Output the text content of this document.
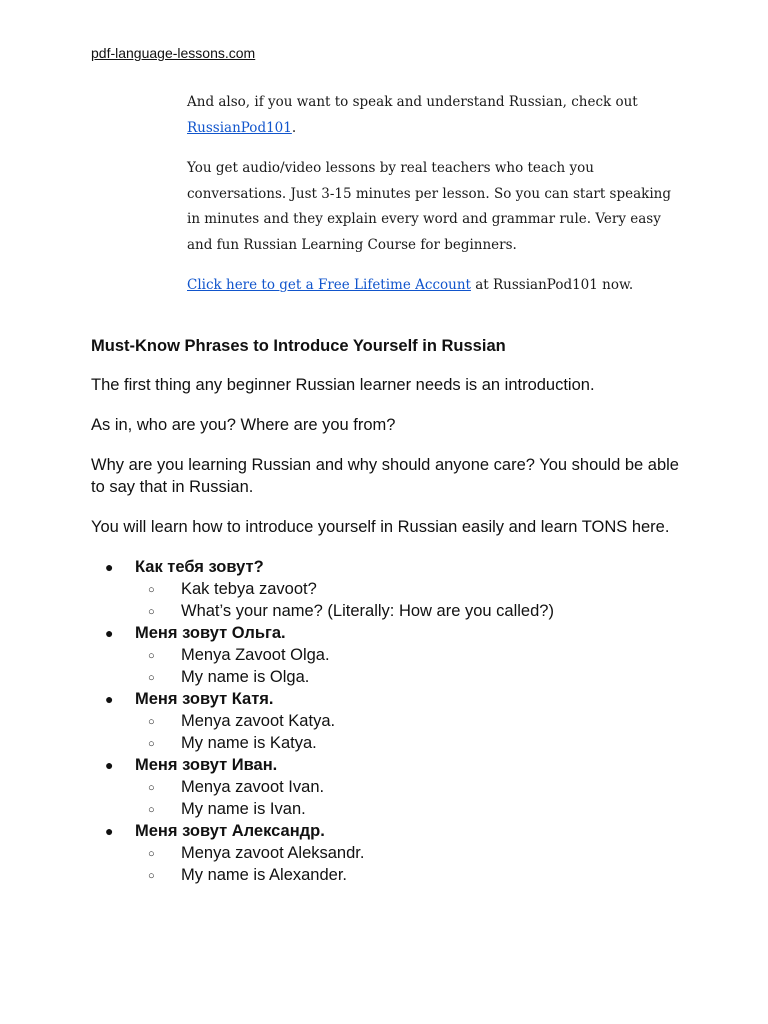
pdf-language-lessons.com

And also, if you want to speak and understand Russian, check out
RussianPod101.

You get audio/video lessons by real teachers who teach you conversations. Just 3-15 minutes per lesson. So you can start speaking in minutes and they explain every word and grammar rule. Very easy and fun Russian Learning Course for beginners.

Click here to get a Free Lifetime Account at RussianPod101 now.

Must-Know Phrases to Introduce Yourself in Russian

The first thing any beginner Russian learner needs is an introduction.

As in, who are you? Where are you from?

Why are you learning Russian and why should anyone care? You should be able to say that in Russian.

You will learn how to introduce yourself in Russian easily and learn TONS here.

● Как тебя зовут?
○ Kak tebya zavoot?
○ What’s your name? (Literally: How are you called?)
● Меня зовут Ольга.
○ Menya Zavoot Olga.
○ My name is Olga.
● Меня зовут Катя.
○ Menya zavoot Katya.
○ My name is Katya.
● Меня зовут Иван.
○ Menya zavoot Ivan.
○ My name is Ivan.
● Меня зовут Александр.
○ Menya zavoot Aleksandr.
○ My name is Alexander.
